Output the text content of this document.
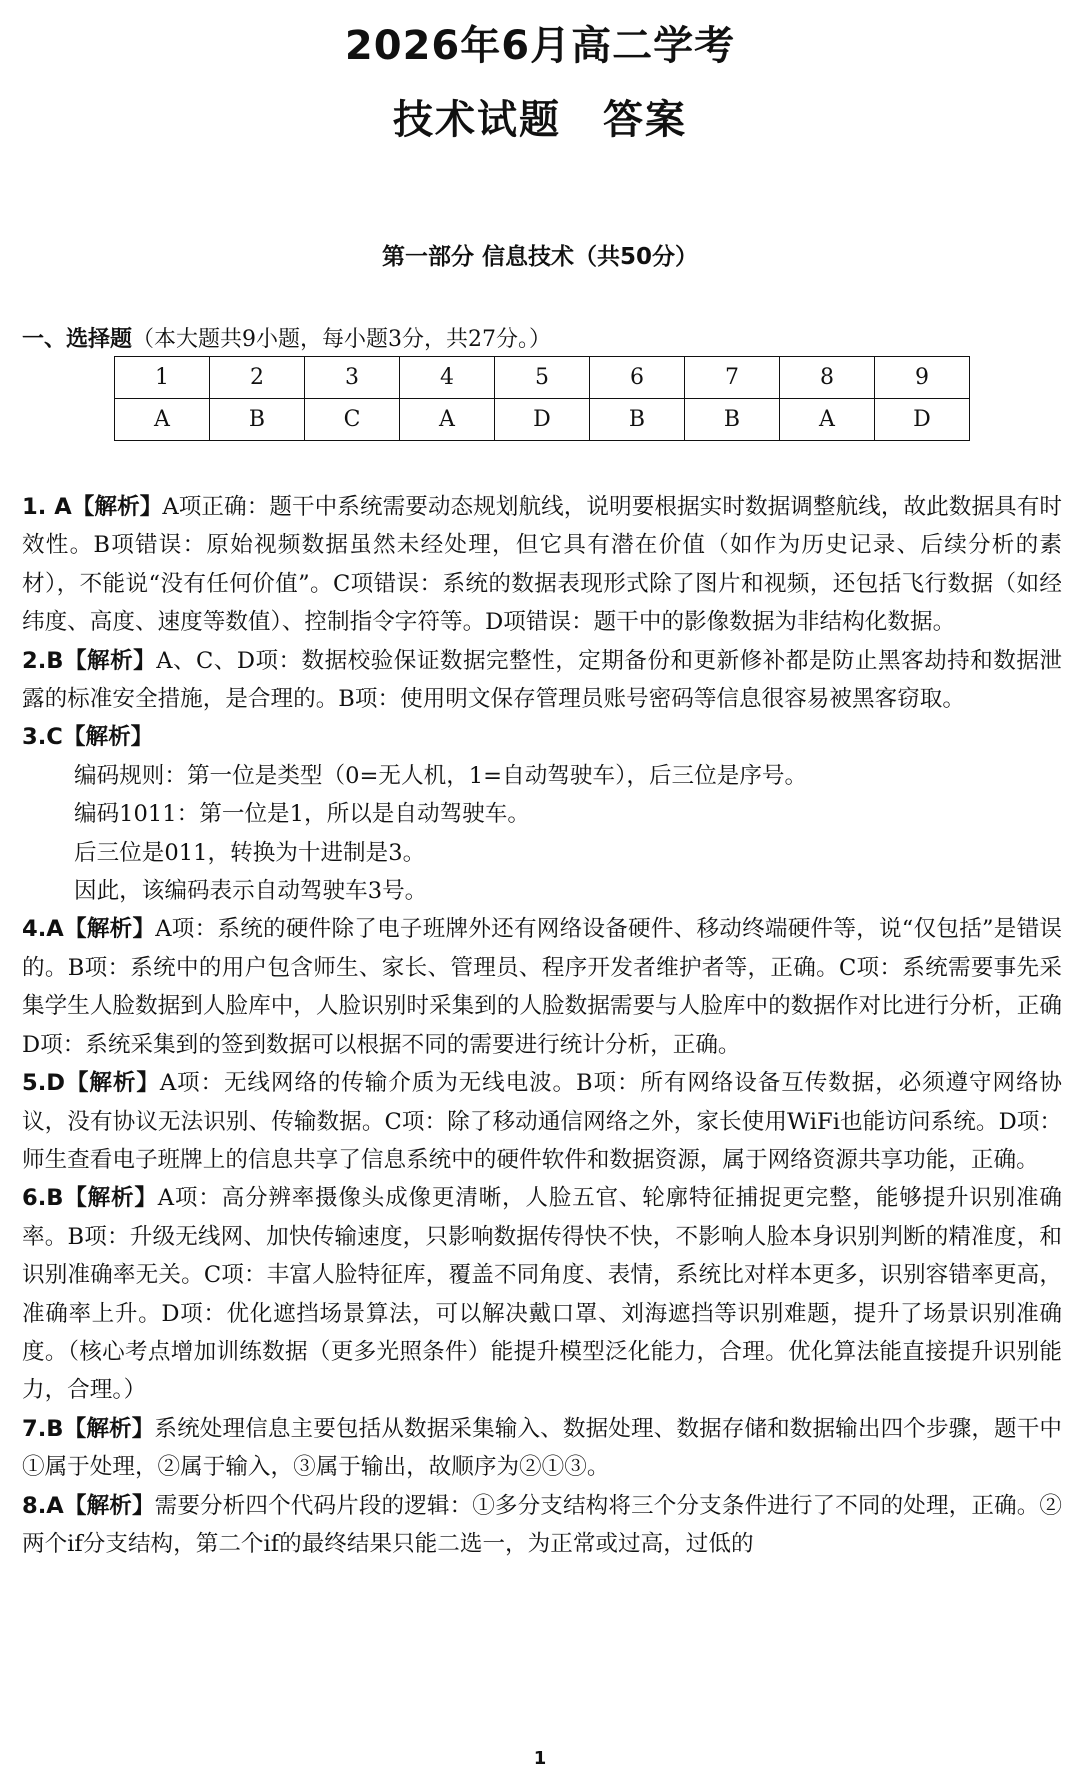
2026年6月高二学考
技术试题　答案
第一部分 信息技术（共50分）
一、选择题（本大题共9小题，每小题3分，共27分。）
1	2	3	4	5	6	7	8	9
A	B	C	A	D	B	B	A	D

1. A【解析】A项正确：题干中系统需要动态规划航线，说明要根据实时数据调整航线，故此数据具有时效性。B项错误：原始视频数据虽然未经处理，但它具有潜在价值（如作为历史记录、后续分析的素材），不能说“没有任何价值”。C项错误：系统的数据表现形式除了图片和视频，还包括飞行数据（如经纬度、高度、速度等数值）、控制指令字符等。D项错误：题干中的影像数据为非结构化数据。

2.B【解析】A、C、D项：数据校验保证数据完整性，定期备份和更新修补都是防止黑客劫持和数据泄露的标准安全措施，是合理的。B项：使用明文保存管理员账号密码等信息很容易被黑客窃取。

3.C【解析】

编码规则：第一位是类型（0=无人机，1=自动驾驶车），后三位是序号。

编码1011：第一位是1，所以是自动驾驶车。

后三位是011，转换为十进制是3。

因此，该编码表示自动驾驶车3号。

4.A【解析】A项：系统的硬件除了电子班牌外还有网络设备硬件、移动终端硬件等，说“仅包括”是错误的。B项：系统中的用户包含师生、家长、管理员、程序开发者维护者等，正确。C项：系统需要事先采集学生人脸数据到人脸库中，人脸识别时采集到的人脸数据需要与人脸库中的数据作对比进行分析，正确D项：系统采集到的签到数据可以根据不同的需要进行统计分析，正确。

5.D【解析】A项：无线网络的传输介质为无线电波。B项：所有网络设备互传数据，必须遵守网络协议，没有协议无法识别、传输数据。C项：除了移动通信网络之外，家长使用WiFi也能访问系统。D项：师生查看电子班牌上的信息共享了信息系统中的硬件软件和数据资源，属于网络资源共享功能，正确。

6.B【解析】A项：高分辨率摄像头成像更清晰，人脸五官、轮廓特征捕捉更完整，能够提升识别准确率。B项：升级无线网、加快传输速度，只影响数据传得快不快，不影响人脸本身识别判断的精准度，和识别准确率无关。C项：丰富人脸特征库，覆盖不同角度、表情，系统比对样本更多，识别容错率更高，准确率上升。D项：优化遮挡场景算法，可以解决戴口罩、刘海遮挡等识别难题，提升了场景识别准确度。（核心考点增加训练数据（更多光照条件）能提升模型泛化能力，合理。优化算法能直接提升识别能力，合理。）

7.B【解析】系统处理信息主要包括从数据采集输入、数据处理、数据存储和数据输出四个步骤，题干中①属于处理，②属于输入，③属于输出，故顺序为②①③。

8.A【解析】需要分析四个代码片段的逻辑：①多分支结构将三个分支条件进行了不同的处理，正确。②两个if分支结构，第二个if的最终结果只能二选一，为正常或过高，过低的

1
